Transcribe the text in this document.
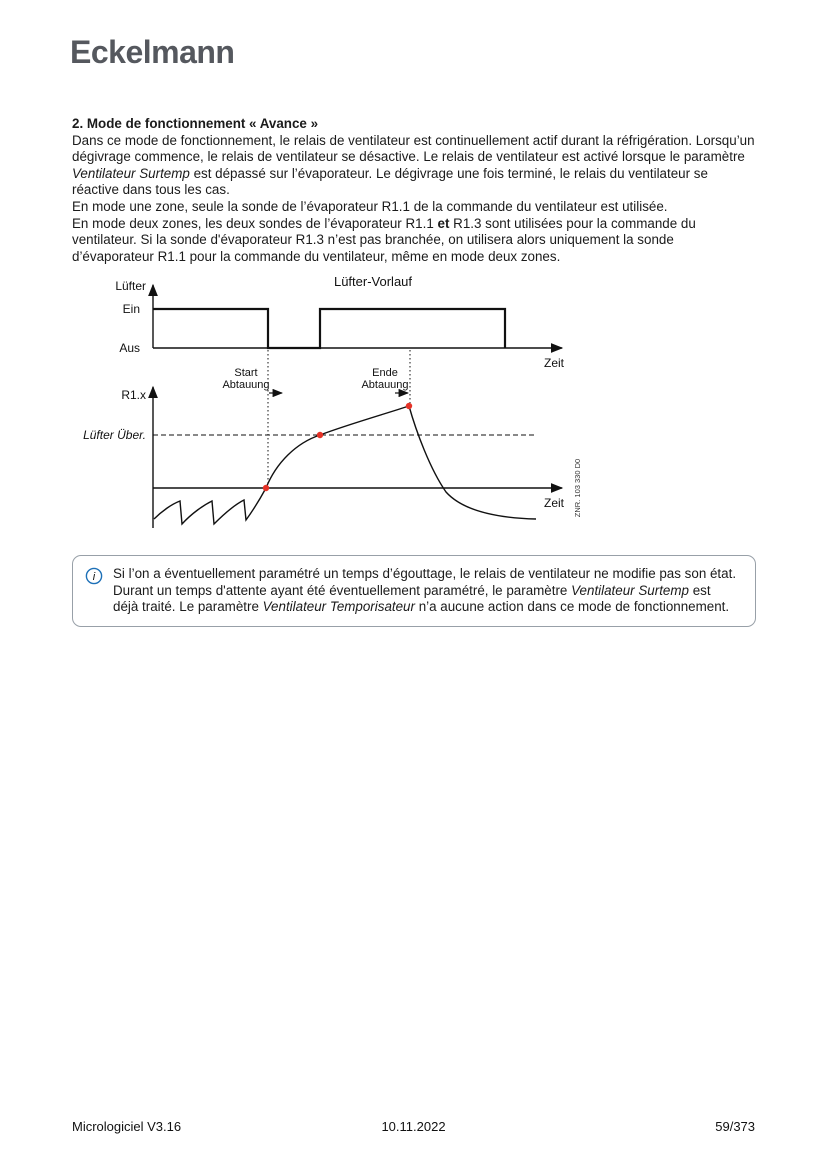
Eckelmann
2. Mode de fonctionnement « Avance »

Dans ce mode de fonctionnement, le relais de ventilateur est continuellement actif durant la réfrigération. Lorsqu’un dégivrage commence, le relais de ventilateur se désactive. Le relais de ventilateur est activé lorsque le paramètre Ventilateur Surtemp est dépassé sur l’évaporateur. Le dégivrage une fois terminé, le relais du ventilateur se réactive dans tous les cas.

En mode une zone, seule la sonde de l’évaporateur R1.1 de la commande du ventilateur est utilisée.

En mode deux zones, les deux sondes de l’évaporateur R1.1 et R1.3 sont utilisées pour la commande du ventilateur. Si la sonde d'évaporateur R1.3 n’est pas branchée, on utilisera alors uniquement la sonde d’évaporateur R1.1 pour la commande du ventilateur, même en mode deux zones.

Lüfter-Vorlauf
Lüfter
Ein
Aus
Zeit
Start
Abtauung
Ende
Abtauung
R1.x
Zeit
Lüfter Über.
ZNR. 103 330 D0
i Si l’on a éventuellement paramétré un temps d’égouttage, le relais de ventilateur ne modifie pas son état. Durant un temps d'attente ayant été éventuellement paramétré, le paramètre Ventilateur Surtemp est déjà traité. Le paramètre Ventilateur Temporisateur n’a aucune action dans ce mode de fonctionnement.
Micrologiciel V3.16	10.11.2022	59/373
